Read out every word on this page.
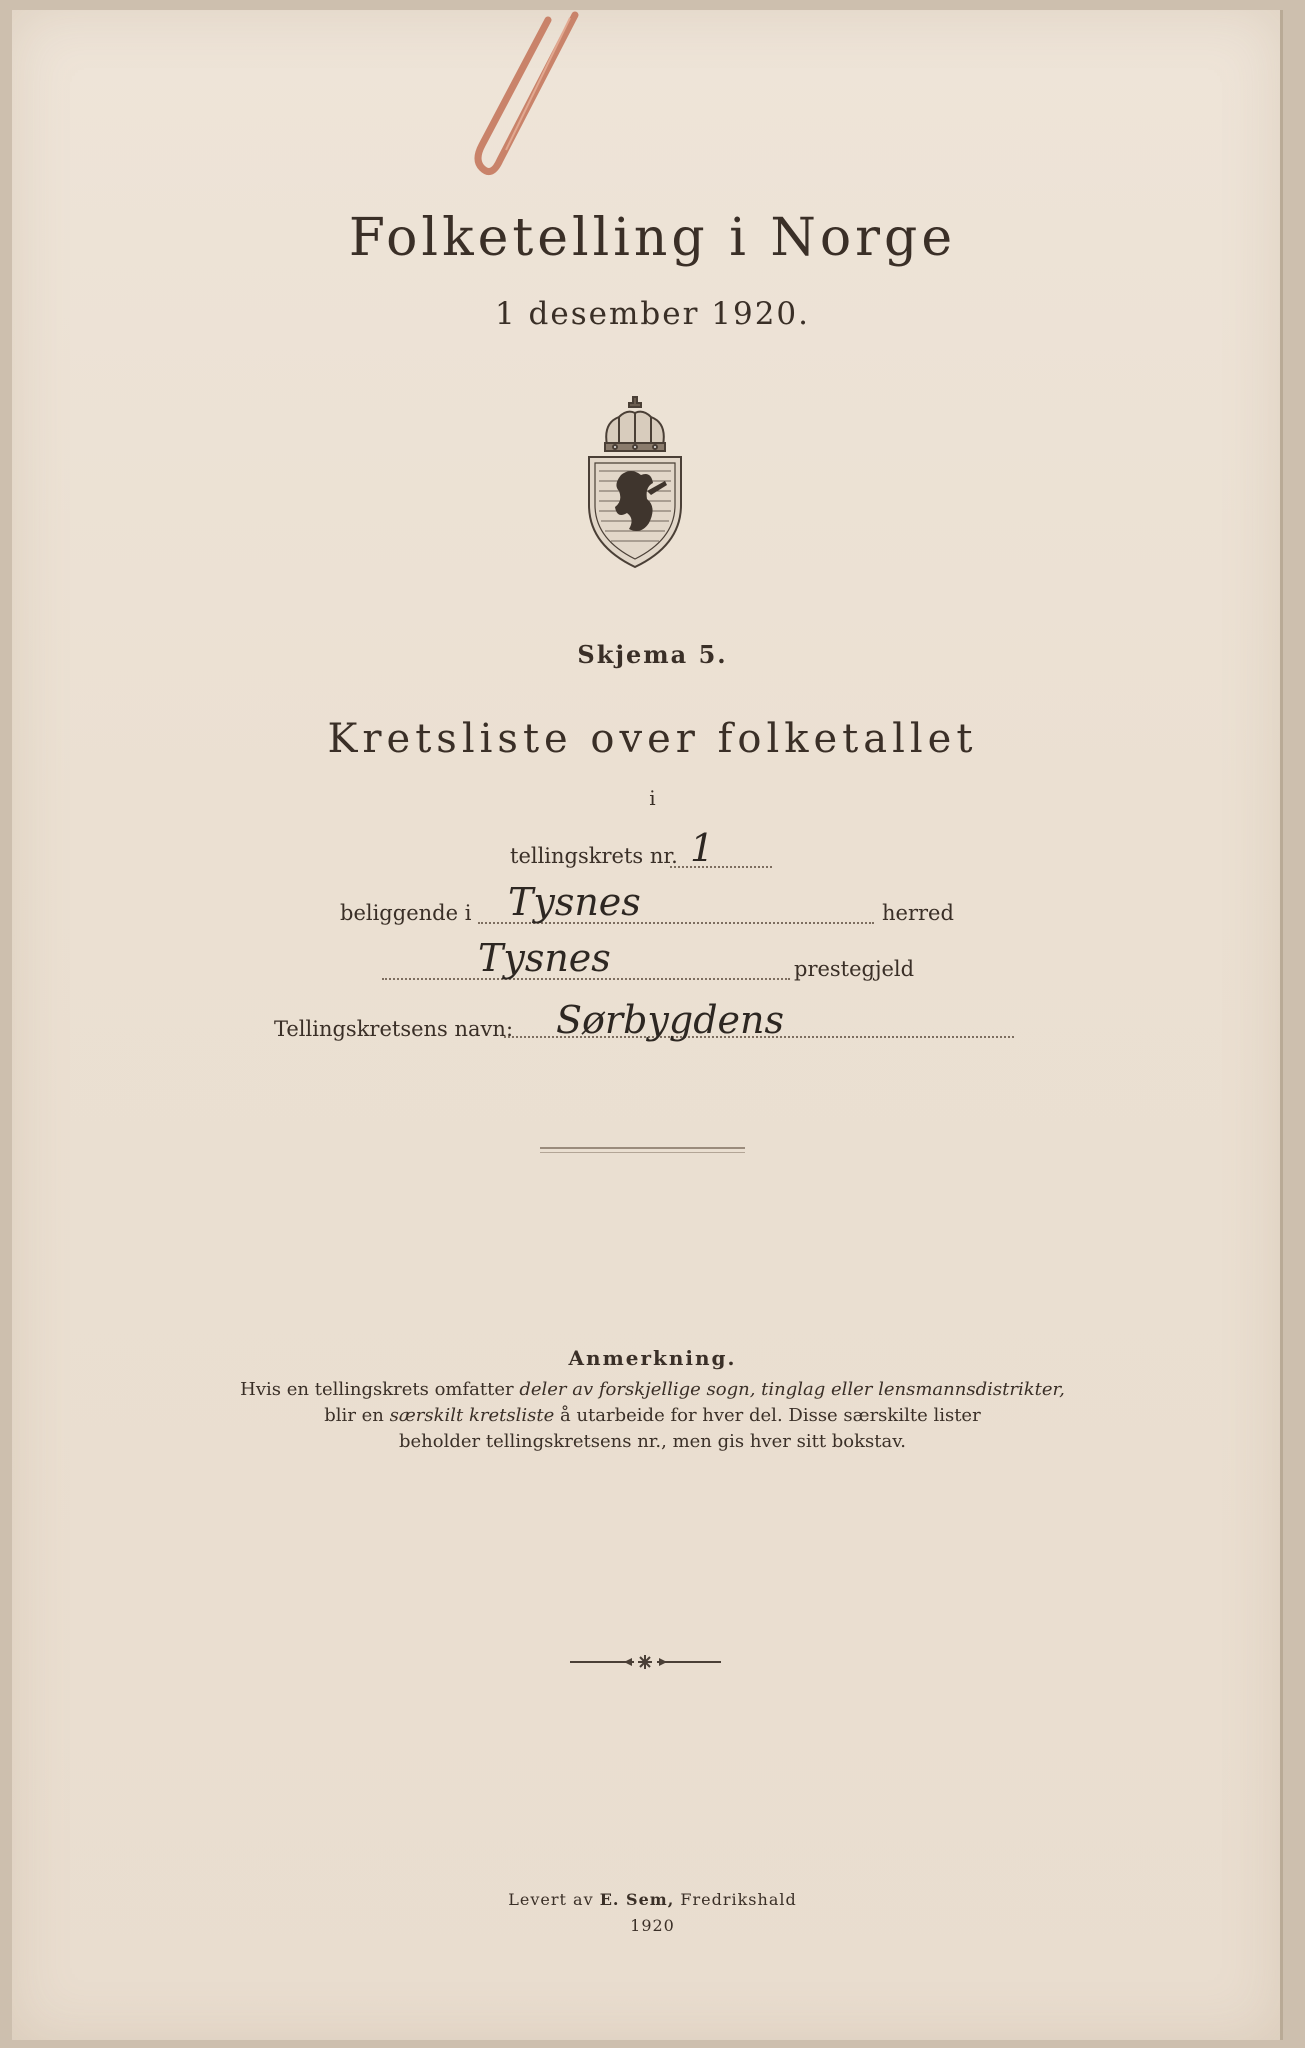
Folketelling i Norge
1 desember 1920.
Skjema 5.
Kretsliste over folketallet
i
tellingskrets nr. 1
beliggende i Tysnes	herred
Tysnes	prestegjeld
Tellingskretsens navn: Sørbygdens
Anmerkning.
Hvis en tellingskrets omfatter deler av forskjellige sogn, tinglag eller lensmannsdistrikter,
blir en særskilt kretsliste å utarbeide for hver del. Disse særskilte lister
beholder tellingskretsens nr., men gis hver sitt bokstav.
Levert av E. Sem, Fredrikshald
1920
